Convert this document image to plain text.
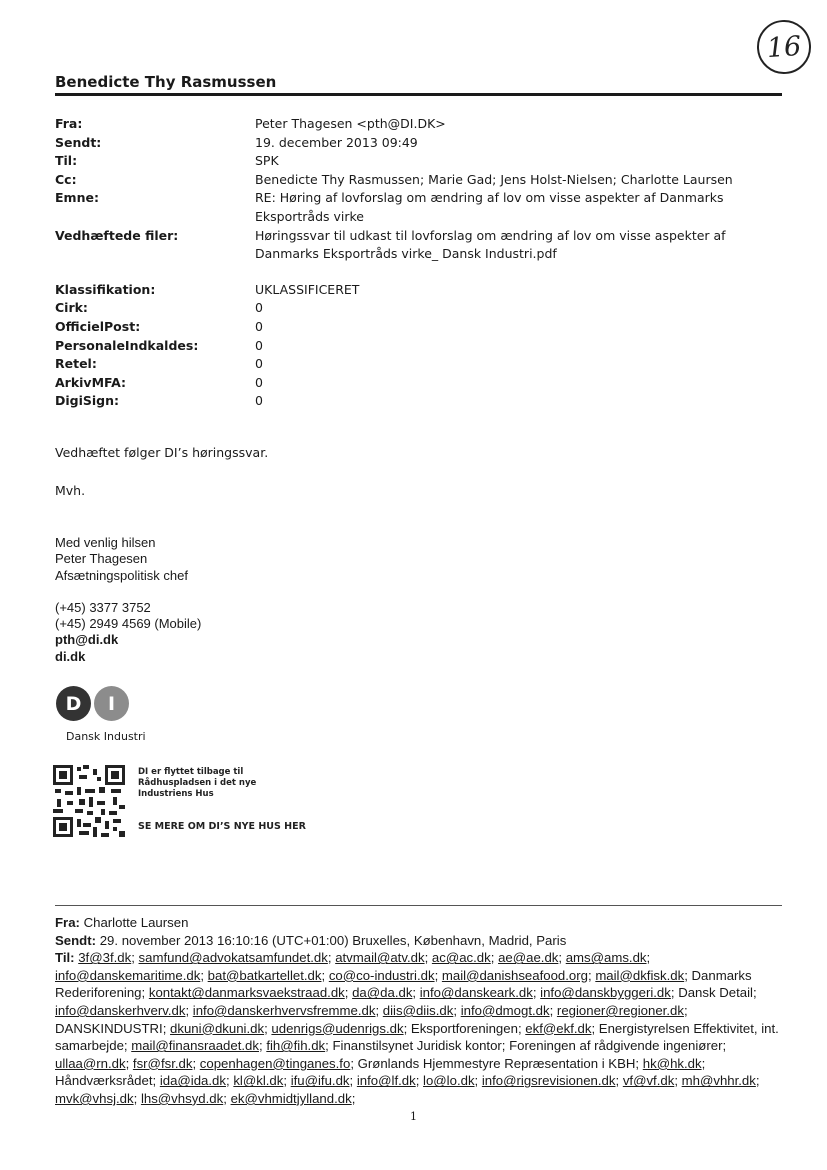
16
Benedicte Thy Rasmussen
Fra:	Peter Thagesen <pth@DI.DK>
Sendt:	19. december 2013 09:49
Til:	SPK
Cc:	Benedicte Thy Rasmussen; Marie Gad; Jens Holst-Nielsen; Charlotte Laursen
Emne:	RE: Høring af lovforslag om ændring af lov om visse aspekter af Danmarks Eksportråds virke
Vedhæftede filer:	Høringssvar til udkast til lovforslag om ændring af lov om visse aspekter af Danmarks Eksportråds virke_ Dansk Industri.pdf
Klassifikation:	UKLASSIFICERET
Cirk:	0
OfficielPost:	0
PersonaleIndkaldes:	0
Retel:	0
ArkivMFA:	0
DigiSign:	0
Vedhæftet følger DI’s høringssvar.
Mvh.
Med venlig hilsen
Peter Thagesen
Afsætningspolitisk chef
(+45) 3377 3752
(+45) 2949 4569 (Mobile)
pth@di.dk
di.dk
D	I
Dansk Industri
DI er flyttet tilbage til
Rådhuspladsen i det nye
Industriens Hus
SE MERE OM DI’S NYE HUS HER
Fra: Charlotte Laursen
Sendt: 29. november 2013 16:10:16 (UTC+01:00) Bruxelles, København, Madrid, Paris
Til: 3f@3f.dk; samfund@advokatsamfundet.dk; atvmail@atv.dk; ac@ac.dk; ae@ae.dk; ams@ams.dk; info@danskemaritime.dk; bat@batkartellet.dk; co@co-industri.dk; mail@danishseafood.org; mail@dkfisk.dk; Danmarks Rederiforening; kontakt@danmarksvaekstraad.dk; da@da.dk; info@danskeark.dk; info@danskbyggeri.dk; Dansk Detail; info@danskerhverv.dk; info@danskerhvervsfremme.dk; diis@diis.dk; info@dmogt.dk; regioner@regioner.dk; DANSKINDUSTRI; dkuni@dkuni.dk; udenrigs@udenrigs.dk; Eksportforeningen; ekf@ekf.dk; Energistyrelsen Effektivitet, int. samarbejde; mail@finansraadet.dk; fih@fih.dk; Finanstilsynet Juridisk kontor; Foreningen af rådgivende ingeniører; ullaa@rn.dk; fsr@fsr.dk; copenhagen@tinganes.fo; Grønlands Hjemmestyre Repræsentation i KBH; hk@hk.dk; Håndværksrådet; ida@ida.dk; kl@kl.dk; ifu@ifu.dk; info@lf.dk; lo@lo.dk; info@rigsrevisionen.dk; vf@vf.dk; mh@vhhr.dk; mvk@vhsj.dk; lhs@vhsyd.dk; ek@vhmidtjylland.dk;
1
